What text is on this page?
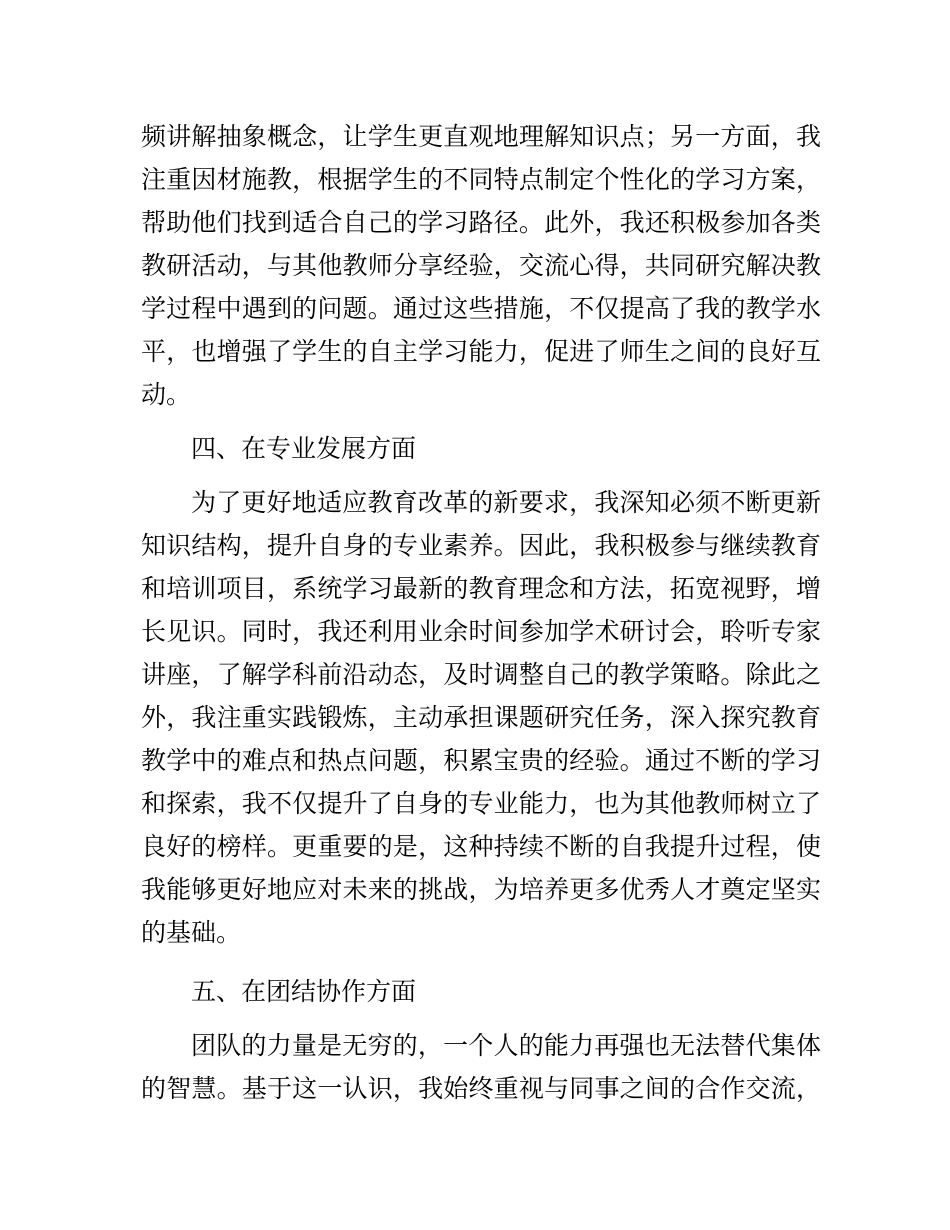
频讲解抽象概念，让学生更直观地理解知识点；另一方面，我
注重因材施教，根据学生的不同特点制定个性化的学习方案，
帮助他们找到适合自己的学习路径。此外，我还积极参加各类
教研活动，与其他教师分享经验，交流心得，共同研究解决教
学过程中遇到的问题。通过这些措施，不仅提高了我的教学水
平，也增强了学生的自主学习能力，促进了师生之间的良好互
动。
四、在专业发展方面
为了更好地适应教育改革的新要求，我深知必须不断更新
知识结构，提升自身的专业素养。因此，我积极参与继续教育
和培训项目，系统学习最新的教育理念和方法，拓宽视野，增
长见识。同时，我还利用业余时间参加学术研讨会，聆听专家
讲座，了解学科前沿动态，及时调整自己的教学策略。除此之
外，我注重实践锻炼，主动承担课题研究任务，深入探究教育
教学中的难点和热点问题，积累宝贵的经验。通过不断的学习
和探索，我不仅提升了自身的专业能力，也为其他教师树立了
良好的榜样。更重要的是，这种持续不断的自我提升过程，使
我能够更好地应对未来的挑战，为培养更多优秀人才奠定坚实
的基础。
五、在团结协作方面
团队的力量是无穷的，一个人的能力再强也无法替代集体
的智慧。基于这一认识，我始终重视与同事之间的合作交流，
